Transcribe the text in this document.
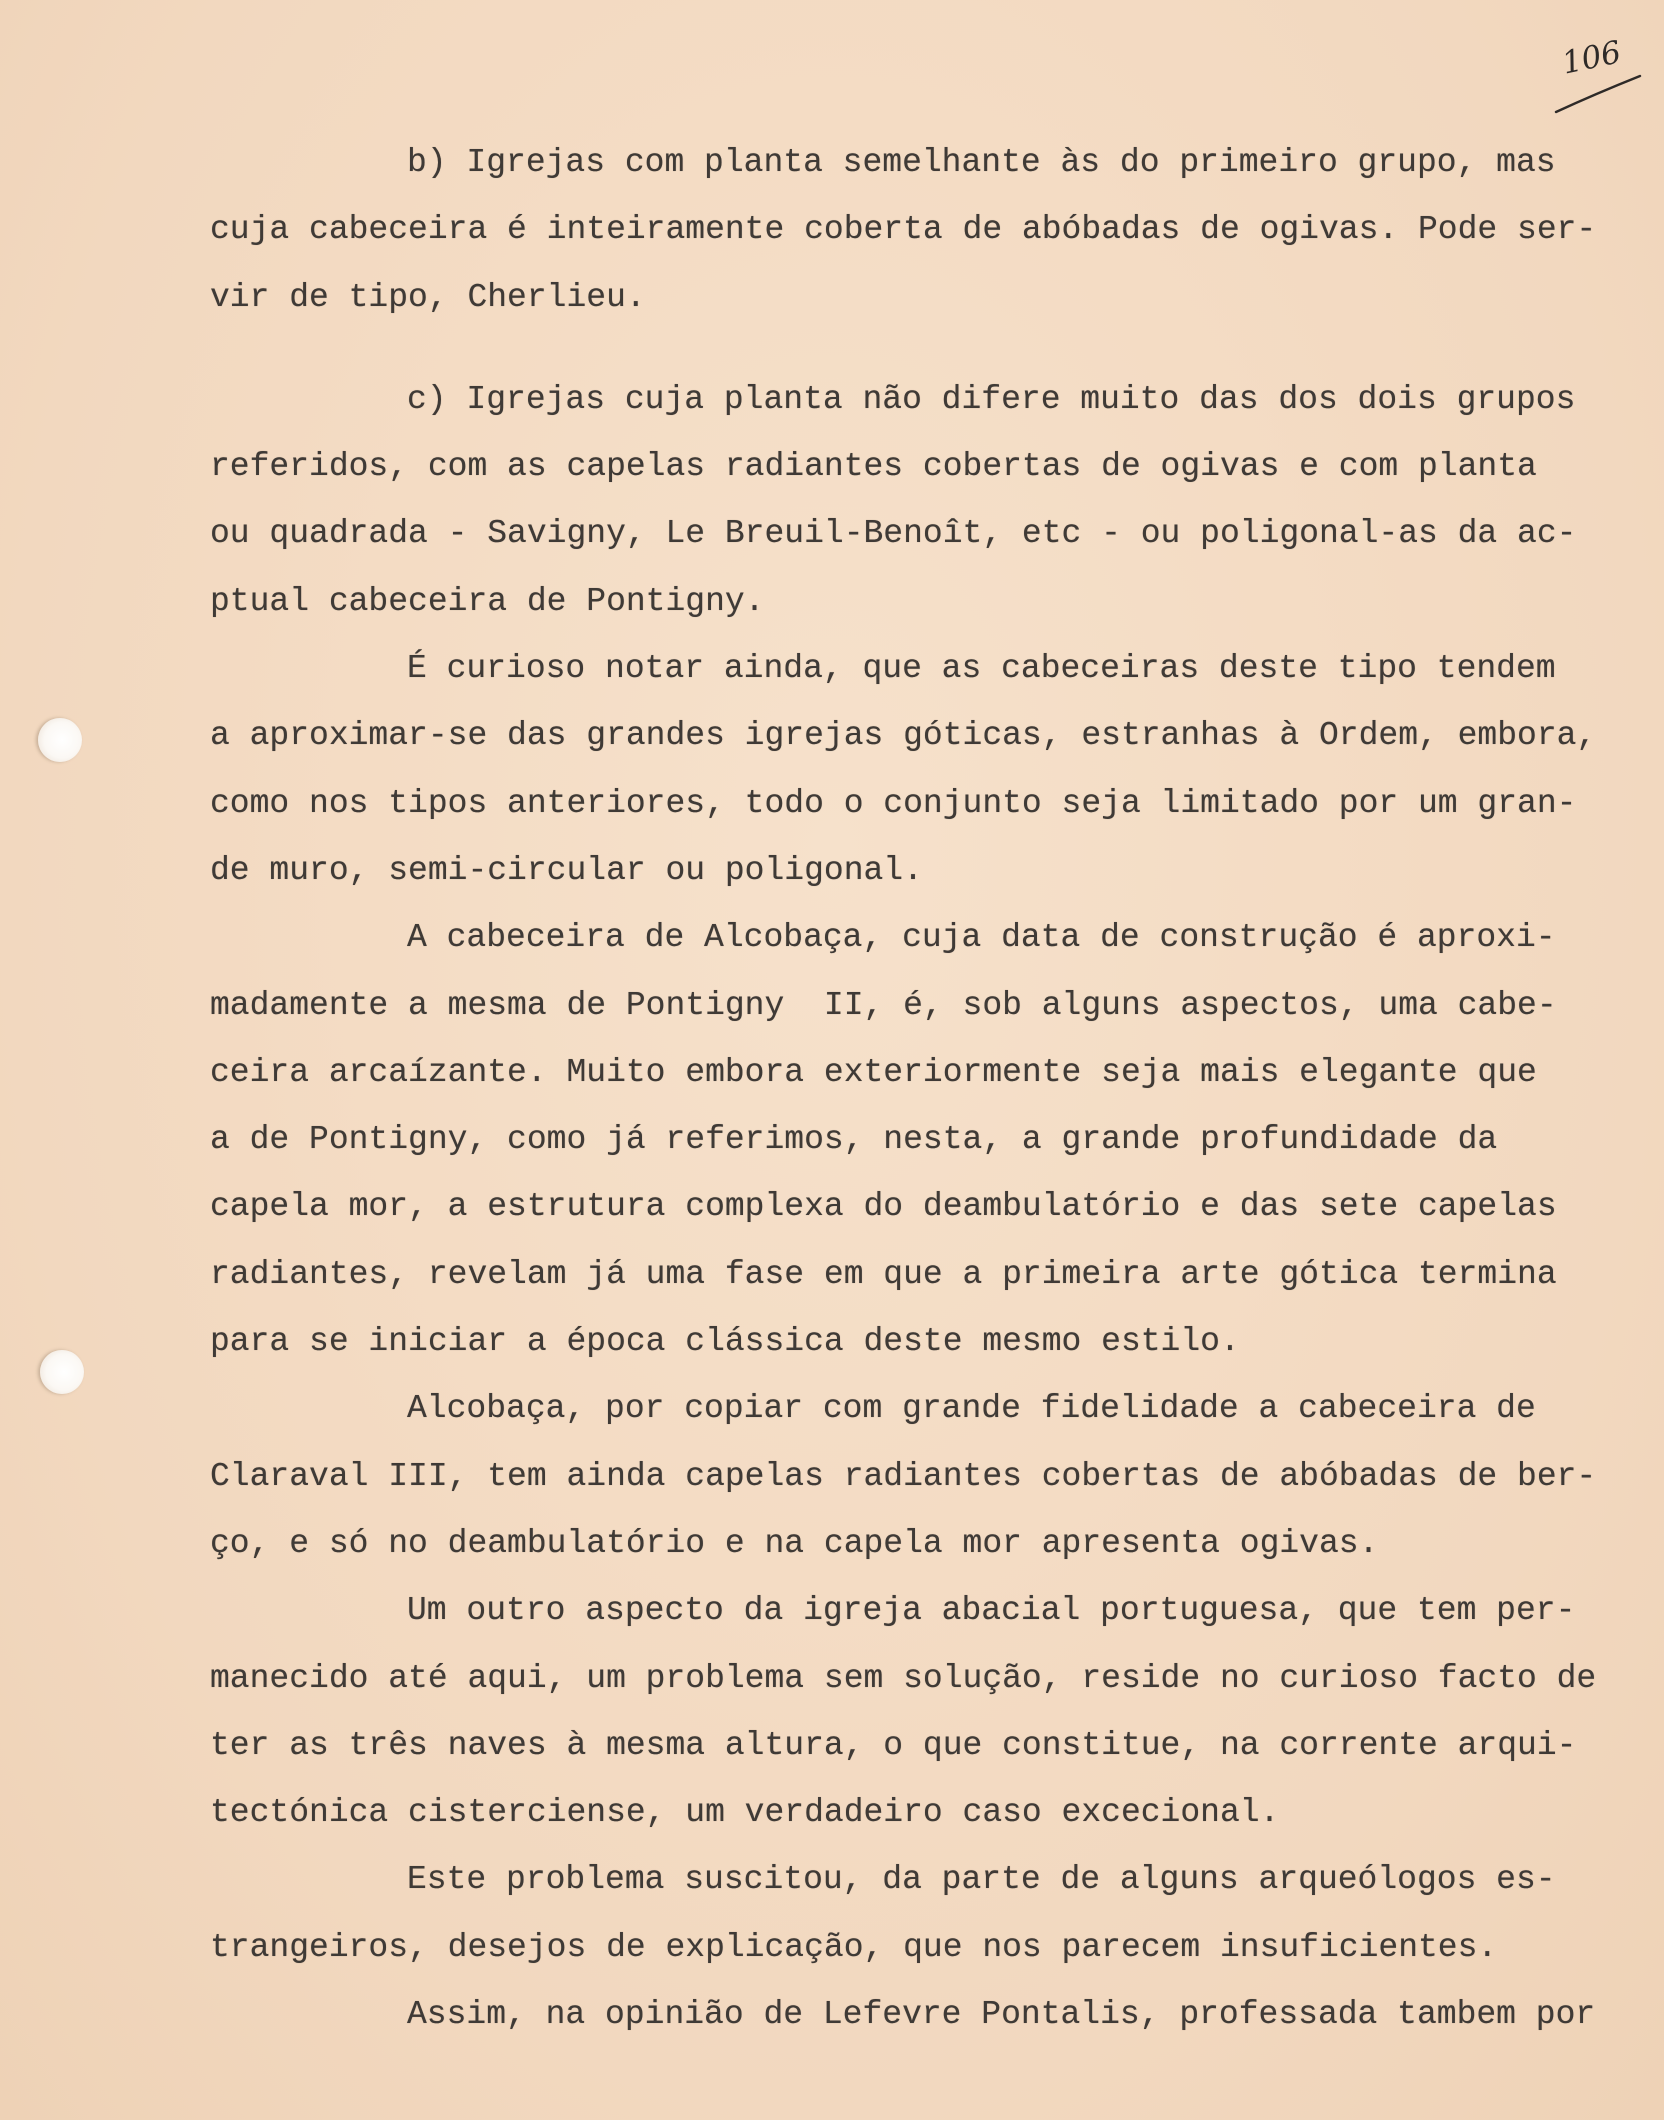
106
b) Igrejas com planta semelhante às do primeiro grupo, mas
cuja cabeceira é inteiramente coberta de abóbadas de ogivas. Pode ser-
vir de tipo, Cherlieu.
c) Igrejas cuja planta não difere muito das dos dois grupos
referidos, com as capelas radiantes cobertas de ogivas e com planta
ou quadrada - Savigny, Le Breuil-Benoît, etc - ou poligonal-as da ac-
ptual cabeceira de Pontigny.
É curioso notar ainda, que as cabeceiras deste tipo tendem
a aproximar-se das grandes igrejas góticas, estranhas à Ordem, embora,
como nos tipos anteriores, todo o conjunto seja limitado por um gran-
de muro, semi-circular ou poligonal.
A cabeceira de Alcobaça, cuja data de construção é aproxi-
madamente a mesma de Pontigny  II, é, sob alguns aspectos, uma cabe-
ceira arcaízante. Muito embora exteriormente seja mais elegante que
a de Pontigny, como já referimos, nesta, a grande profundidade da
capela mor, a estrutura complexa do deambulatório e das sete capelas
radiantes, revelam já uma fase em que a primeira arte gótica termina
para se iniciar a época clássica deste mesmo estilo.
Alcobaça, por copiar com grande fidelidade a cabeceira de
Claraval III, tem ainda capelas radiantes cobertas de abóbadas de ber-
ço, e só no deambulatório e na capela mor apresenta ogivas.
Um outro aspecto da igreja abacial portuguesa, que tem per-
manecido até aqui, um problema sem solução, reside no curioso facto de
ter as três naves à mesma altura, o que constitue, na corrente arqui-
tectónica cisterciense, um verdadeiro caso excecional.
Este problema suscitou, da parte de alguns arqueólogos es-
trangeiros, desejos de explicação, que nos parecem insuficientes.
Assim, na opinião de Lefevre Pontalis, professada tambem por
